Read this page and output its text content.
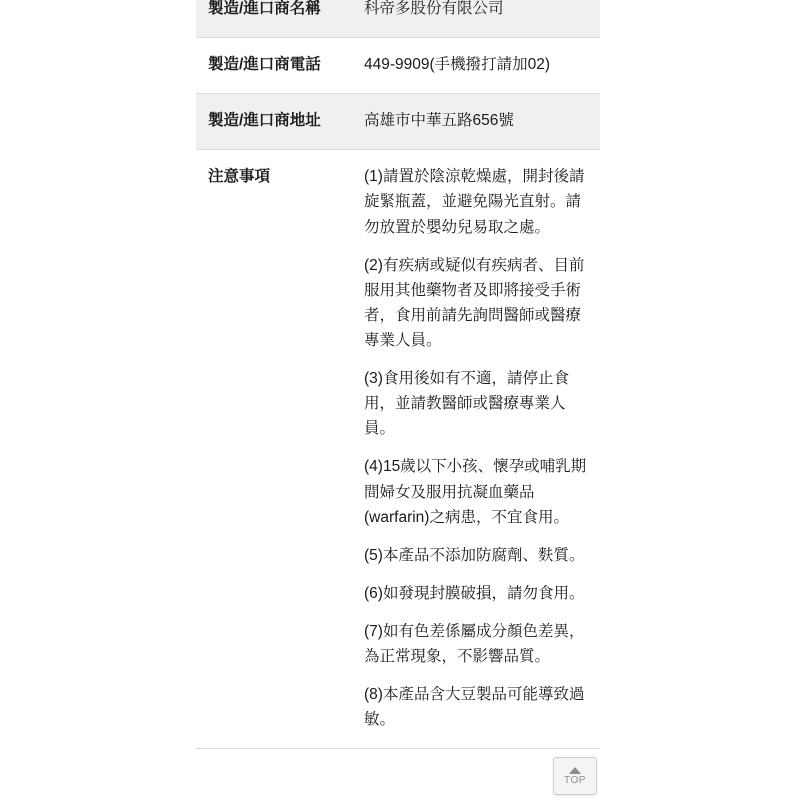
製造/進口商名稱	科帝多股份有限公司
製造/進口商電話	449-9909(手機撥打請加02)
製造/進口商地址	高雄市中華五路656號
注意事項	(1)請置於陰涼乾燥處，開封後請旋緊瓶蓋，並避免陽光直射。請勿放置於嬰幼兒易取之處。

(2)有疾病或疑似有疾病者、目前服用其他藥物者及即將接受手術者，食用前請先詢問醫師或醫療專業人員。

(3)食用後如有不適，請停止食用，並請教醫師或醫療專業人員。

(4)15歲以下小孩、懷孕或哺乳期間婦女及服用抗凝血藥品(warfarin)之病患，不宜食用。

(5)本產品不添加防腐劑、麩質。

(6)如發現封膜破損，請勿食用。

(7)如有色差係屬成分顏色差異，為正常現象，不影響品質。

(8)本產品含大豆製品可能導致過敏。

TOP
